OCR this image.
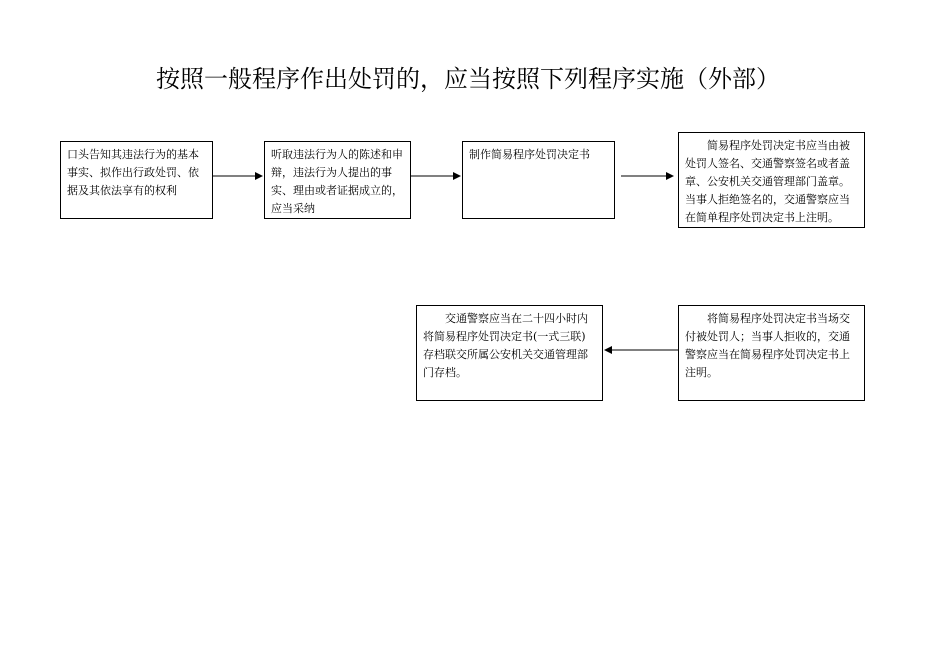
按照一般程序作出处罚的，应当按照下列程序实施（外部）
口头告知其违法行为的基本事实、拟作出行政处罚、依据及其依法享有的权利
听取违法行为人的陈述和申辩，违法行为人提出的事实、理由或者证据成立的，应当采纳
制作简易程序处罚决定书
简易程序处罚决定书应当由被处罚人签名、交通警察签名或者盖章、公安机关交通管理部门盖章。当事人拒绝签名的，交通警察应当在简单程序处罚决定书上注明。
将简易程序处罚决定书当场交付被处罚人；当事人拒收的，交通警察应当在简易程序处罚决定书上注明。
交通警察应当在二十四小时内将简易程序处罚决定书(一式三联)存档联交所属公安机关交通管理部门存档。
